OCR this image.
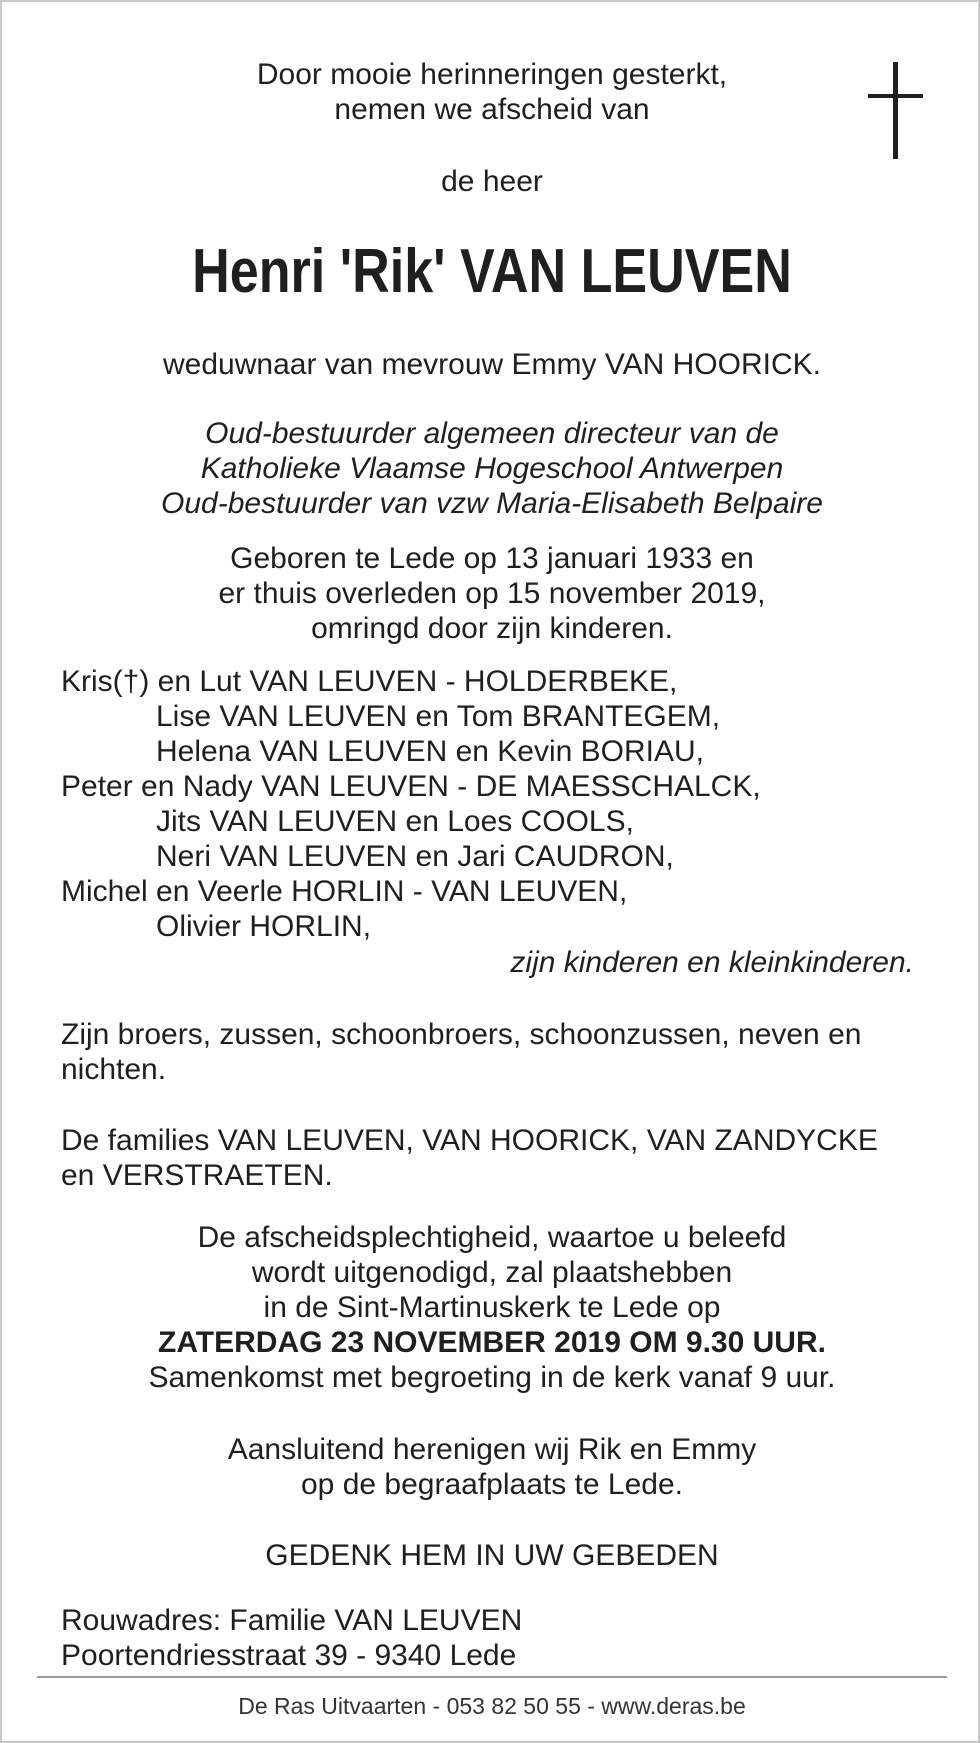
Door mooie herinneringen gesterkt,
nemen we afscheid van
de heer
Henri 'Rik' VAN LEUVEN
weduwnaar van mevrouw Emmy VAN HOORICK.
Oud-bestuurder algemeen directeur van de
Katholieke Vlaamse Hogeschool Antwerpen
Oud-bestuurder van vzw Maria-Elisabeth Belpaire
Geboren te Lede op 13 januari 1933 en
er thuis overleden op 15 november 2019,
omringd door zijn kinderen.
Kris(†) en Lut VAN LEUVEN - HOLDERBEKE,
Lise VAN LEUVEN en Tom BRANTEGEM,
Helena VAN LEUVEN en Kevin BORIAU,
Peter en Nady VAN LEUVEN - DE MAESSCHALCK,
Jits VAN LEUVEN en Loes COOLS,
Neri VAN LEUVEN en Jari CAUDRON,
Michel en Veerle HORLIN - VAN LEUVEN,
Olivier HORLIN,
zijn kinderen en kleinkinderen.
Zijn broers, zussen, schoonbroers, schoonzussen, neven en
nichten.
De families VAN LEUVEN, VAN HOORICK, VAN ZANDYCKE
en VERSTRAETEN.
De afscheidsplechtigheid, waartoe u beleefd
wordt uitgenodigd, zal plaatshebben
in de Sint-Martinuskerk te Lede op
ZATERDAG 23 NOVEMBER 2019 OM 9.30 UUR.
Samenkomst met begroeting in de kerk vanaf 9 uur.
Aansluitend herenigen wij Rik en Emmy
op de begraafplaats te Lede.
GEDENK HEM IN UW GEBEDEN
Rouwadres: Familie VAN LEUVEN
Poortendriesstraat 39 - 9340 Lede
De Ras Uitvaarten - 053 82 50 55 - www.deras.be
